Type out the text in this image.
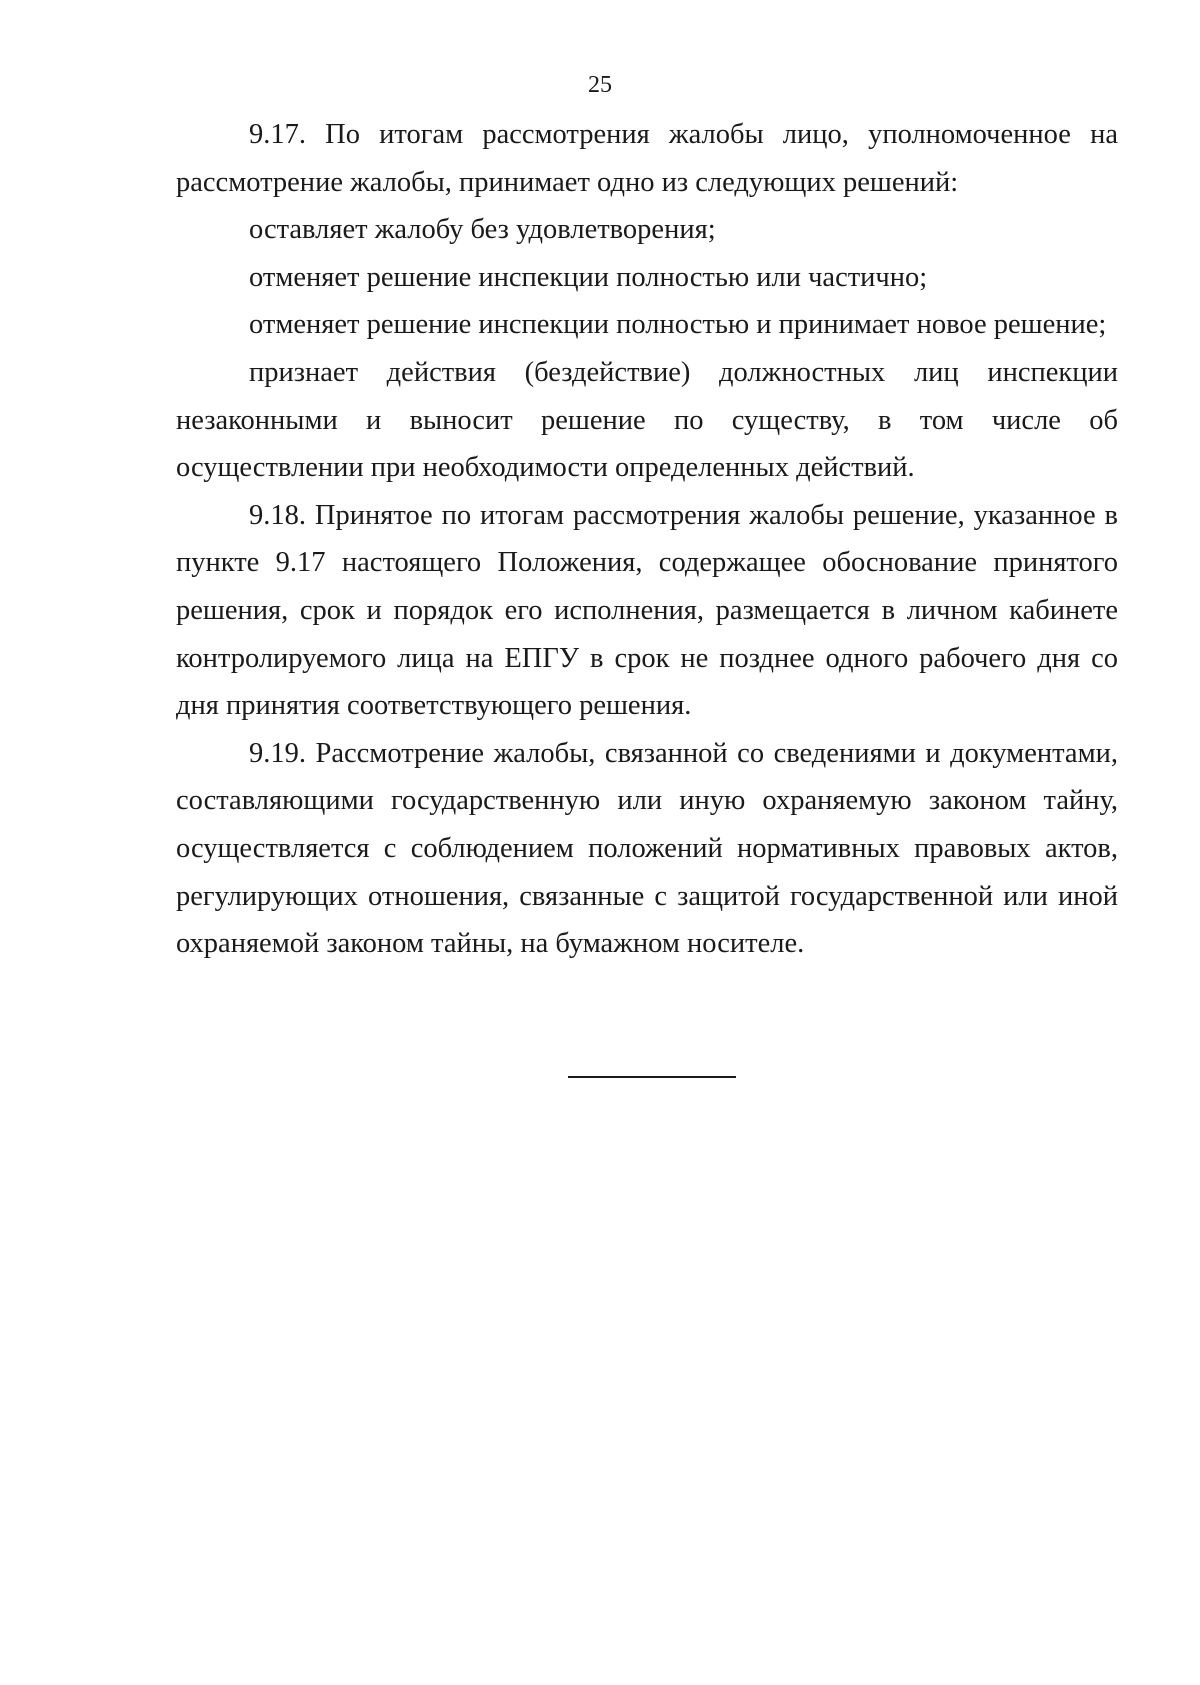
25

9.17. По итогам рассмотрения жалобы лицо, уполномоченное на рассмотрение жалобы, принимает одно из следующих решений:

оставляет жалобу без удовлетворения;

отменяет решение инспекции полностью или частично;

отменяет решение инспекции полностью и принимает новое решение;

признает действия (бездействие) должностных лиц инспекции незаконными и выносит решение по существу, в том числе об осуществлении при необходимости определенных действий.

9.18. Принятое по итогам рассмотрения жалобы решение, указанное в пункте 9.17 настоящего Положения, содержащее обоснование принятого решения, срок и порядок его исполнения, размещается в личном кабинете контролируемого лица на ЕПГУ в срок не позднее одного рабочего дня со дня принятия соответствующего решения.

9.19. Рассмотрение жалобы, связанной со сведениями и документами, составляющими государственную или иную охраняемую законом тайну, осуществляется с соблюдением положений нормативных правовых актов, регулирующих отношения, связанные с защитой государственной или иной охраняемой законом тайны, на бумажном носителе.
